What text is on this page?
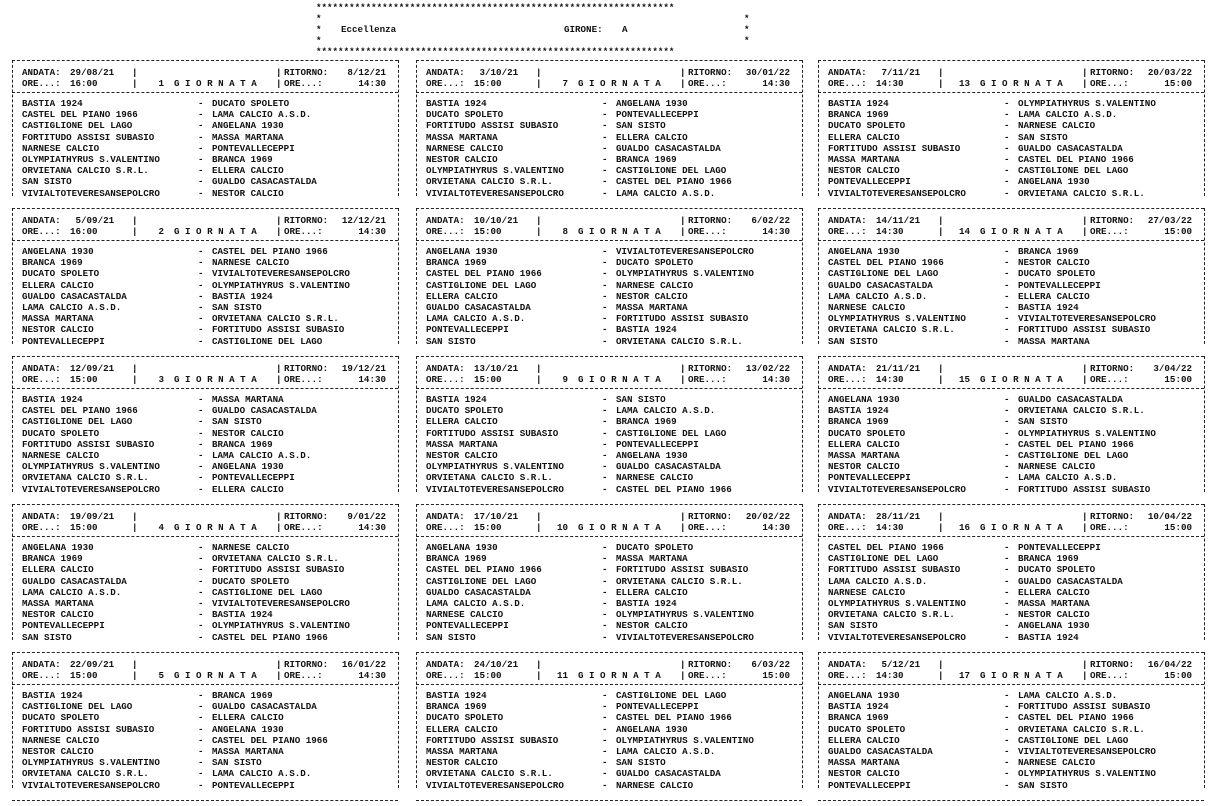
*****************************************************************
*	*
* Eccellenza	GIRONE: A	*
*	*
*****************************************************************
ANDATA: 29/08/21
ORE...: 16:00	1 G I O R N A T A
RITORNO:	8/12/21
ORE...:	14:30
|
|
|
|
BASTIA 1924	- DUCATO SPOLETO
CASTEL DEL PIANO 1966	- LAMA CALCIO A.S.D.
CASTIGLIONE DEL LAGO	- ANGELANA 1930
FORTITUDO ASSISI SUBASIO	- MASSA MARTANA
NARNESE CALCIO	- PONTEVALLECEPPI
OLYMPIATHYRUS S.VALENTINO	- BRANCA 1969
ORVIETANA CALCIO S.R.L.	- ELLERA CALCIO
SAN SISTO	- GUALDO CASACASTALDA
VIVIALTOTEVERESANSEPOLCRO	- NESTOR CALCIO
ANDATA: 5/09/21
ORE...: 16:00	2 G I O R N A T A
RITORNO:	12/12/21
ORE...:	14:30
|
|
|
|
ANGELANA 1930	- CASTEL DEL PIANO 1966
BRANCA 1969	- NARNESE CALCIO
DUCATO SPOLETO	- VIVIALTOTEVERESANSEPOLCRO
ELLERA CALCIO	- OLYMPIATHYRUS S.VALENTINO
GUALDO CASACASTALDA	- BASTIA 1924
LAMA CALCIO A.S.D.	- SAN SISTO
MASSA MARTANA	- ORVIETANA CALCIO S.R.L.
NESTOR CALCIO	- FORTITUDO ASSISI SUBASIO
PONTEVALLECEPPI	- CASTIGLIONE DEL LAGO
ANDATA: 12/09/21
ORE...: 15:00	3 G I O R N A T A
RITORNO:	19/12/21
ORE...:	14:30
|
|
|
|
BASTIA 1924	- MASSA MARTANA
CASTEL DEL PIANO 1966	- GUALDO CASACASTALDA
CASTIGLIONE DEL LAGO	- SAN SISTO
DUCATO SPOLETO	- NESTOR CALCIO
FORTITUDO ASSISI SUBASIO	- BRANCA 1969
NARNESE CALCIO	- LAMA CALCIO A.S.D.
OLYMPIATHYRUS S.VALENTINO	- ANGELANA 1930
ORVIETANA CALCIO S.R.L.	- PONTEVALLECEPPI
VIVIALTOTEVERESANSEPOLCRO	- ELLERA CALCIO
ANDATA: 19/09/21
ORE...: 15:00	4 G I O R N A T A
RITORNO:	9/01/22
ORE...:	14:30
|
|
|
|
ANGELANA 1930	- NARNESE CALCIO
BRANCA 1969	- ORVIETANA CALCIO S.R.L.
ELLERA CALCIO	- FORTITUDO ASSISI SUBASIO
GUALDO CASACASTALDA	- DUCATO SPOLETO
LAMA CALCIO A.S.D.	- CASTIGLIONE DEL LAGO
MASSA MARTANA	- VIVIALTOTEVERESANSEPOLCRO
NESTOR CALCIO	- BASTIA 1924
PONTEVALLECEPPI	- OLYMPIATHYRUS S.VALENTINO
SAN SISTO	- CASTEL DEL PIANO 1966
ANDATA: 22/09/21
ORE...: 15:00	5 G I O R N A T A
RITORNO:	16/01/22
ORE...:	14:30
|
|
|
|
BASTIA 1924	- BRANCA 1969
CASTIGLIONE DEL LAGO	- GUALDO CASACASTALDA
DUCATO SPOLETO	- ELLERA CALCIO
FORTITUDO ASSISI SUBASIO	- ANGELANA 1930
NARNESE CALCIO	- CASTEL DEL PIANO 1966
NESTOR CALCIO	- MASSA MARTANA
OLYMPIATHYRUS S.VALENTINO	- SAN SISTO
ORVIETANA CALCIO S.R.L.	- LAMA CALCIO A.S.D.
VIVIALTOTEVERESANSEPOLCRO	- PONTEVALLECEPPI
ANDATA: 3/10/21
ORE...: 15:00	7 G I O R N A T A
RITORNO:	30/01/22
ORE...:	14:30
|
|
|
|
BASTIA 1924	- ANGELANA 1930
DUCATO SPOLETO	- PONTEVALLECEPPI
FORTITUDO ASSISI SUBASIO	- SAN SISTO
MASSA MARTANA	- ELLERA CALCIO
NARNESE CALCIO	- GUALDO CASACASTALDA
NESTOR CALCIO	- BRANCA 1969
OLYMPIATHYRUS S.VALENTINO	- CASTIGLIONE DEL LAGO
ORVIETANA CALCIO S.R.L.	- CASTEL DEL PIANO 1966
VIVIALTOTEVERESANSEPOLCRO	- LAMA CALCIO A.S.D.
ANDATA: 10/10/21
ORE...: 15:00	8 G I O R N A T A
RITORNO:	6/02/22
ORE...:	14:30
|
|
|
|
ANGELANA 1930	- VIVIALTOTEVERESANSEPOLCRO
BRANCA 1969	- DUCATO SPOLETO
CASTEL DEL PIANO 1966	- OLYMPIATHYRUS S.VALENTINO
CASTIGLIONE DEL LAGO	- NARNESE CALCIO
ELLERA CALCIO	- NESTOR CALCIO
GUALDO CASACASTALDA	- MASSA MARTANA
LAMA CALCIO A.S.D.	- FORTITUDO ASSISI SUBASIO
PONTEVALLECEPPI	- BASTIA 1924
SAN SISTO	- ORVIETANA CALCIO S.R.L.
ANDATA: 13/10/21
ORE...: 15:00	9 G I O R N A T A
RITORNO:	13/02/22
ORE...:	14:30
|
|
|
|
BASTIA 1924	- SAN SISTO
DUCATO SPOLETO	- LAMA CALCIO A.S.D.
ELLERA CALCIO	- BRANCA 1969
FORTITUDO ASSISI SUBASIO	- CASTIGLIONE DEL LAGO
MASSA MARTANA	- PONTEVALLECEPPI
NESTOR CALCIO	- ANGELANA 1930
OLYMPIATHYRUS S.VALENTINO	- GUALDO CASACASTALDA
ORVIETANA CALCIO S.R.L.	- NARNESE CALCIO
VIVIALTOTEVERESANSEPOLCRO	- CASTEL DEL PIANO 1966
ANDATA: 17/10/21
ORE...: 15:00	10 G I O R N A T A
RITORNO:	20/02/22
ORE...:	14:30
|
|
|
|
ANGELANA 1930	- DUCATO SPOLETO
BRANCA 1969	- MASSA MARTANA
CASTEL DEL PIANO 1966	- FORTITUDO ASSISI SUBASIO
CASTIGLIONE DEL LAGO	- ORVIETANA CALCIO S.R.L.
GUALDO CASACASTALDA	- ELLERA CALCIO
LAMA CALCIO A.S.D.	- BASTIA 1924
NARNESE CALCIO	- OLYMPIATHYRUS S.VALENTINO
PONTEVALLECEPPI	- NESTOR CALCIO
SAN SISTO	- VIVIALTOTEVERESANSEPOLCRO
ANDATA: 24/10/21
ORE...: 15:00	11 G I O R N A T A
RITORNO:	6/03/22
ORE...:	15:00
|
|
|
|
BASTIA 1924	- CASTIGLIONE DEL LAGO
BRANCA 1969	- PONTEVALLECEPPI
DUCATO SPOLETO	- CASTEL DEL PIANO 1966
ELLERA CALCIO	- ANGELANA 1930
FORTITUDO ASSISI SUBASIO	- OLYMPIATHYRUS S.VALENTINO
MASSA MARTANA	- LAMA CALCIO A.S.D.
NESTOR CALCIO	- SAN SISTO
ORVIETANA CALCIO S.R.L.	- GUALDO CASACASTALDA
VIVIALTOTEVERESANSEPOLCRO	- NARNESE CALCIO
ANDATA: 7/11/21
ORE...: 14:30	13 G I O R N A T A
RITORNO:	20/03/22
ORE...:	15:00
|
|
|
|
BASTIA 1924	- OLYMPIATHYRUS S.VALENTINO
BRANCA 1969	- LAMA CALCIO A.S.D.
DUCATO SPOLETO	- NARNESE CALCIO
ELLERA CALCIO	- SAN SISTO
FORTITUDO ASSISI SUBASIO	- GUALDO CASACASTALDA
MASSA MARTANA	- CASTEL DEL PIANO 1966
NESTOR CALCIO	- CASTIGLIONE DEL LAGO
PONTEVALLECEPPI	- ANGELANA 1930
VIVIALTOTEVERESANSEPOLCRO	- ORVIETANA CALCIO S.R.L.
ANDATA: 14/11/21
ORE...: 14:30	14 G I O R N A T A
RITORNO:	27/03/22
ORE...:	15:00
|
|
|
|
ANGELANA 1930	- BRANCA 1969
CASTEL DEL PIANO 1966	- NESTOR CALCIO
CASTIGLIONE DEL LAGO	- DUCATO SPOLETO
GUALDO CASACASTALDA	- PONTEVALLECEPPI
LAMA CALCIO A.S.D.	- ELLERA CALCIO
NARNESE CALCIO	- BASTIA 1924
OLYMPIATHYRUS S.VALENTINO	- VIVIALTOTEVERESANSEPOLCRO
ORVIETANA CALCIO S.R.L.	- FORTITUDO ASSISI SUBASIO
SAN SISTO	- MASSA MARTANA
ANDATA: 21/11/21
ORE...: 14:30	15 G I O R N A T A
RITORNO:	3/04/22
ORE...:	15:00
|
|
|
|
ANGELANA 1930	- GUALDO CASACASTALDA
BASTIA 1924	- ORVIETANA CALCIO S.R.L.
BRANCA 1969	- SAN SISTO
DUCATO SPOLETO	- OLYMPIATHYRUS S.VALENTINO
ELLERA CALCIO	- CASTEL DEL PIANO 1966
MASSA MARTANA	- CASTIGLIONE DEL LAGO
NESTOR CALCIO	- NARNESE CALCIO
PONTEVALLECEPPI	- LAMA CALCIO A.S.D.
VIVIALTOTEVERESANSEPOLCRO	- FORTITUDO ASSISI SUBASIO
ANDATA: 28/11/21
ORE...: 14:30	16 G I O R N A T A
RITORNO:	10/04/22
ORE...:	15:00
|
|
|
|
CASTEL DEL PIANO 1966	- PONTEVALLECEPPI
CASTIGLIONE DEL LAGO	- BRANCA 1969
FORTITUDO ASSISI SUBASIO	- DUCATO SPOLETO
LAMA CALCIO A.S.D.	- GUALDO CASACASTALDA
NARNESE CALCIO	- ELLERA CALCIO
OLYMPIATHYRUS S.VALENTINO	- MASSA MARTANA
ORVIETANA CALCIO S.R.L.	- NESTOR CALCIO
SAN SISTO	- ANGELANA 1930
VIVIALTOTEVERESANSEPOLCRO	- BASTIA 1924
ANDATA: 5/12/21
ORE...: 14:30	17 G I O R N A T A
RITORNO:	16/04/22
ORE...:	15:00
|
|
|
|
ANGELANA 1930	- LAMA CALCIO A.S.D.
BASTIA 1924	- FORTITUDO ASSISI SUBASIO
BRANCA 1969	- CASTEL DEL PIANO 1966
DUCATO SPOLETO	- ORVIETANA CALCIO S.R.L.
ELLERA CALCIO	- CASTIGLIONE DEL LAGO
GUALDO CASACASTALDA	- VIVIALTOTEVERESANSEPOLCRO
MASSA MARTANA	- NARNESE CALCIO
NESTOR CALCIO	- OLYMPIATHYRUS S.VALENTINO
PONTEVALLECEPPI	- SAN SISTO
